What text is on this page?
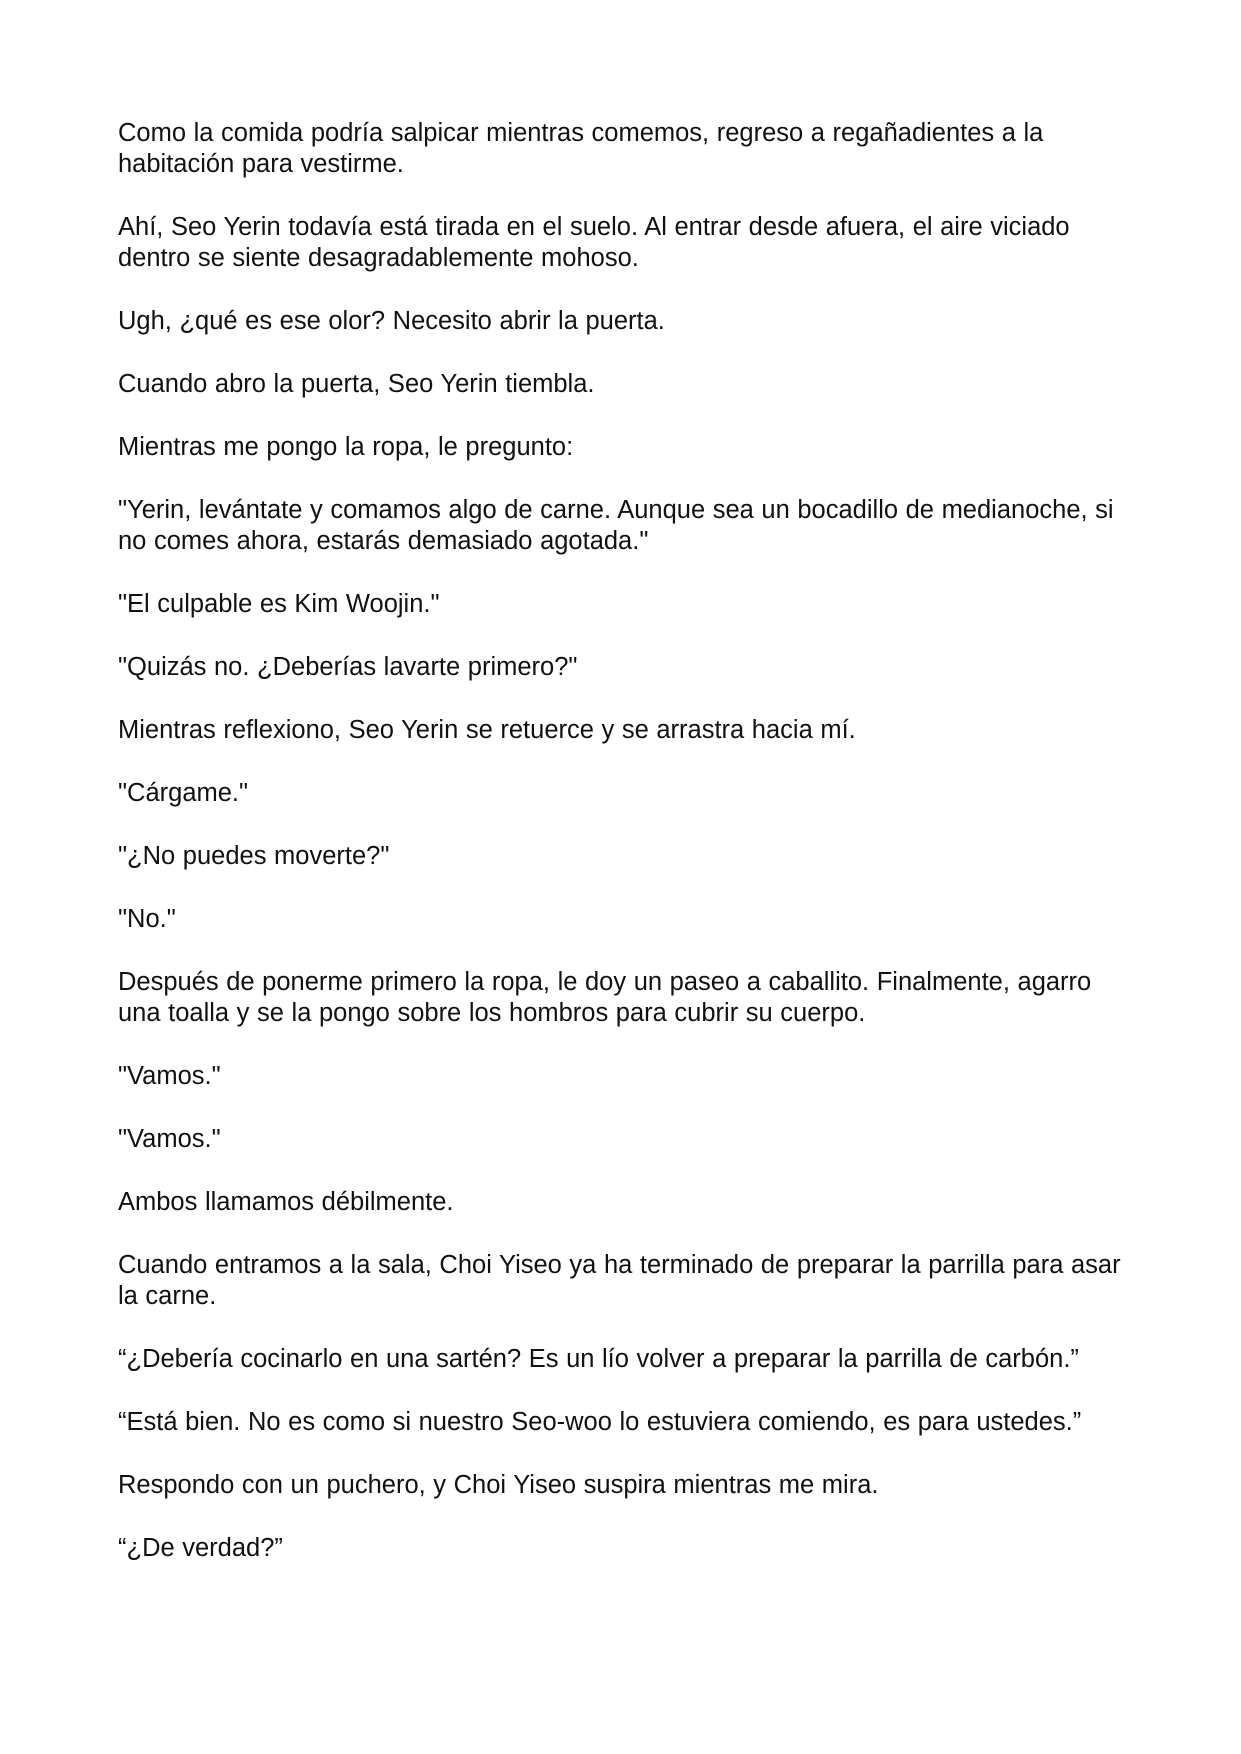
Como la comida podría salpicar mientras comemos, regreso a regañadientes a la habitación para vestirme.

Ahí, Seo Yerin todavía está tirada en el suelo. Al entrar desde afuera, el aire viciado dentro se siente desagradablemente mohoso.

Ugh, ¿qué es ese olor? Necesito abrir la puerta.

Cuando abro la puerta, Seo Yerin tiembla.

Mientras me pongo la ropa, le pregunto:

"Yerin, levántate y comamos algo de carne. Aunque sea un bocadillo de medianoche, si no comes ahora, estarás demasiado agotada."

"El culpable es Kim Woojin."

"Quizás no. ¿Deberías lavarte primero?"

Mientras reflexiono, Seo Yerin se retuerce y se arrastra hacia mí.

"Cárgame."

"¿No puedes moverte?"

"No."

Después de ponerme primero la ropa, le doy un paseo a caballito. Finalmente, agarro una toalla y se la pongo sobre los hombros para cubrir su cuerpo.

"Vamos."

"Vamos."

Ambos llamamos débilmente.

Cuando entramos a la sala, Choi Yiseo ya ha terminado de preparar la parrilla para asar la carne.

“¿Debería cocinarlo en una sartén? Es un lío volver a preparar la parrilla de carbón.”

“Está bien. No es como si nuestro Seo-woo lo estuviera comiendo, es para ustedes.”

Respondo con un puchero, y Choi Yiseo suspira mientras me mira.

“¿De verdad?”
